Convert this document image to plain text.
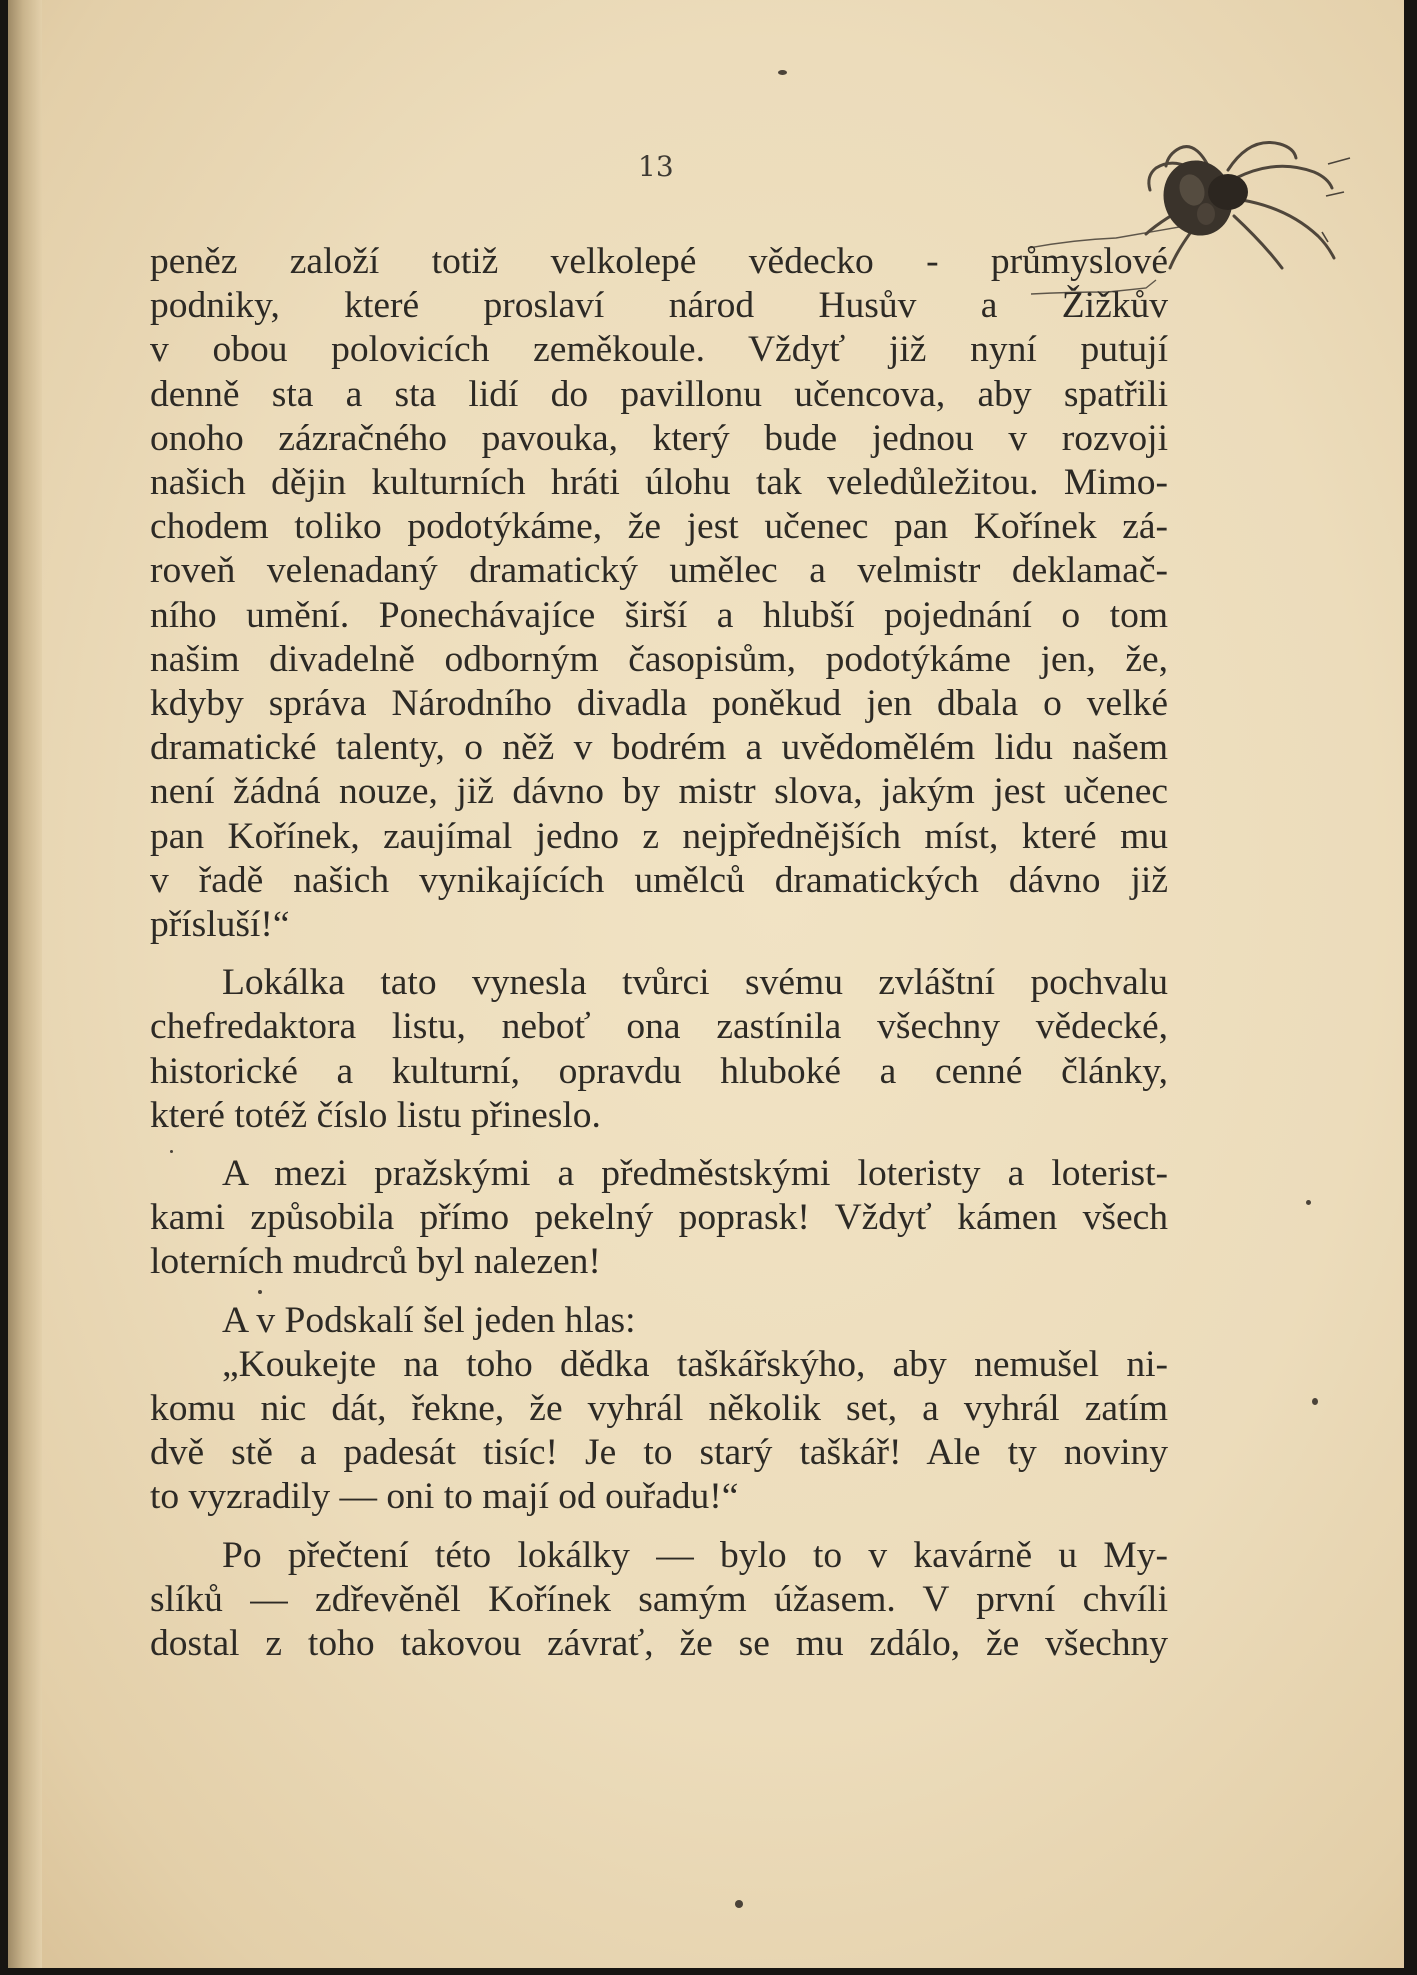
13
peněz založí totiž velkolepé vědecko - průmyslové
podniky, které proslaví národ Husův a Žižkův
v obou polovicích zeměkoule. Vždyť již nyní putují
denně sta a sta lidí do pavillonu učencova, aby spatřili
onoho zázračného pavouka, který bude jednou v rozvoji
našich dějin kulturních hráti úlohu tak veledůležitou. Mimo-
chodem toliko podotýkáme, že jest učenec pan Kořínek zá-
roveň velenadaný dramatický umělec a velmistr deklamač-
ního umění. Ponechávajíce širší a hlubší pojednání o tom
našim divadelně odborným časopisům, podotýkáme jen, že,
kdyby správa Národního divadla poněkud jen dbala o velké
dramatické talenty, o něž v bodrém a uvědomělém lidu našem
není žádná nouze, již dávno by mistr slova, jakým jest učenec
pan Kořínek, zaujímal jedno z nejpřednějších míst, které mu
v řadě našich vynikajících umělců dramatických dávno již
přísluší!“
Lokálka tato vynesla tvůrci svému zvláštní pochvalu
chefredaktora listu, neboť ona zastínila všechny vědecké,
historické a kulturní, opravdu hluboké a cenné články,
které totéž číslo listu přineslo.
A mezi pražskými a předměstskými loteristy a loterist-
kami způsobila přímo pekelný poprask! Vždyť kámen všech
loterních mudrců byl nalezen!
A v Podskalí šel jeden hlas:
„Koukejte na toho dědka taškářskýho, aby nemušel ni-
komu nic dát, řekne, že vyhrál několik set, a vyhrál zatím
dvě stě a padesát tisíc! Je to starý taškář! Ale ty noviny
to vyzradily — oni to mají od ouřadu!“
Po přečtení této lokálky — bylo to v kavárně u My-
slíků — zdřevěněl Kořínek samým úžasem. V první chvíli
dostal z toho takovou závrať, že se mu zdálo, že všechny
